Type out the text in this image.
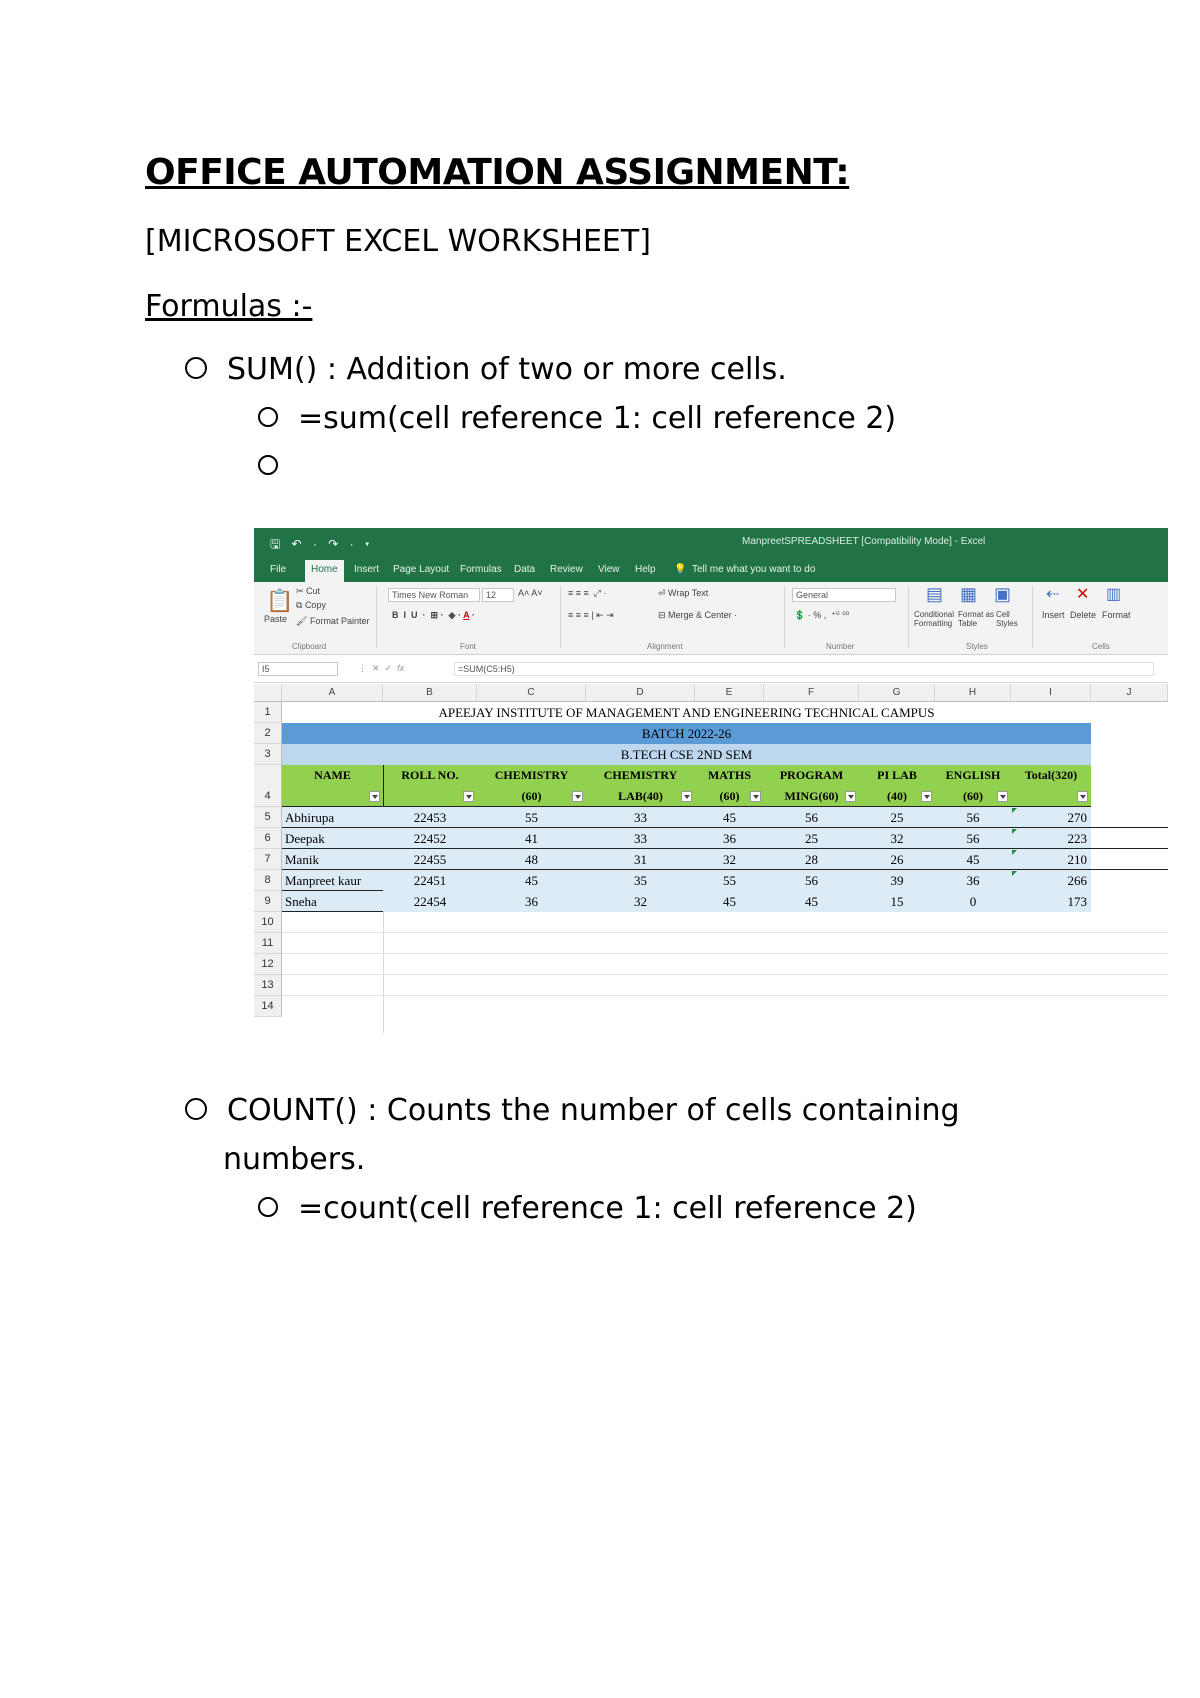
OFFICE AUTOMATION ASSIGNMENT:
[MICROSOFT EXCEL WORKSHEET]
Formulas :-
SUM() : Addition of two or more cells.
=sum(cell reference 1: cell reference 2)
🖫 ↶ · ↷ · ▾	ManpreetSPREADSHEET [Compatibility Mode] - Excel
File	Home	Insert Page Layout Formulas Data Review View Help 💡 Tell me what you want to do
📋
Paste
✂ Cut
⧉ Copy
🖌 Format Painter
Clipboard
Times New Roman	12	A˄ A˅
B  I  U  ·  ⊞ ·  ◈ · A ·
Font
≡ ≡ ≡  ⤢ ·
≡ ≡ ≡ | ⇤ ⇥
⏎ Wrap Text
⊟ Merge & Center ·
Alignment
General
💲 · % ,  ⁺⁰ ⁰⁰
Number
▤ ▦ ▣
Conditional Formatting
Format as Table
Cell Styles
Styles
⇠ ✕ ▥
Insert Delete Format
Cells
I5	⋮  ✕  ✓  fx	=SUM(C5:H5)
A	B	C	D	E	F	G	H	I	J
1
2
3
4
5
6
7
8
9
10
11
12
13
14
APEEJAY INSTITUTE OF MANAGEMENT AND ENGINEERING TECHNICAL CAMPUS
BATCH 2022-26
B.TECH CSE 2ND SEM
NAME	ROLL NO.	CHEMISTRY
(60)
CHEMISTRY
LAB(40)
MATHS
(60)
PROGRAM
MING(60)
PI LAB
(40)
ENGLISH
(60)
Total(320)
Abhirupa	22453	55	33	45	56	25	56	270
Deepak	22452	41	33	36	25	32	56	223
Manik	22455	48	31	32	28	26	45	210
Manpreet kaur	22451	45	35	55	56	39	36	266
Sneha	22454	36	32	45	45	15	0	173
COUNT() : Counts the number of cells containing
numbers.
=count(cell reference 1: cell reference 2)
